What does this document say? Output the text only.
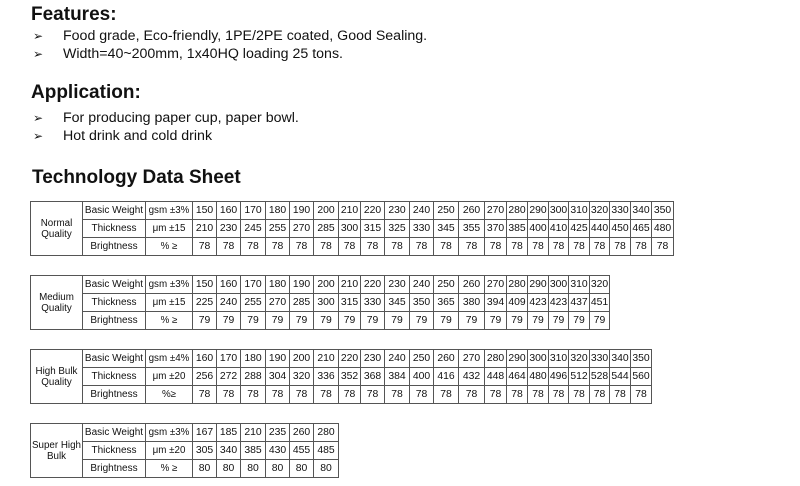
Features:
➢	Food grade, Eco-friendly, 1PE/2PE coated, Good Sealing.
➢	Width=40~200mm, 1x40HQ loading 25 tons.
Application:
➢	For producing paper cup, paper bowl.
➢	Hot drink and cold drink
Technology Data Sheet
Normal Quality	Basic Weight	gsm ±3%	150	160	170	180	190	200	210	220	230	240	250	260	270	280	290	300	310	320	330	340	350
	Thickness	μm ±15	210	230	245	255	270	285	300	315	325	330	345	355	370	385	400	410	425	440	450	465	480
	Brightness	% ≥	78	78	78	78	78	78	78	78	78	78	78	78	78	78	78	78	78	78	78	78	78
Medium Quality	Basic Weight	gsm ±3%	150	160	170	180	190	200	210	220	230	240	250	260	270	280	290	300	310	320
	Thickness	μm ±15	225	240	255	270	285	300	315	330	345	350	365	380	394	409	423	423	437	451
	Brightness	% ≥	79	79	79	79	79	79	79	79	79	79	79	79	79	79	79	79	79	79
High Bulk Quality	Basic Weight	gsm ±4%	160	170	180	190	200	210	220	230	240	250	260	270	280	290	300	310	320	330	340	350
	Thickness	μm ±20	256	272	288	304	320	336	352	368	384	400	416	432	448	464	480	496	512	528	544	560
	Brightness	%≥	78	78	78	78	78	78	78	78	78	78	78	78	78	78	78	78	78	78	78	78
Super High Bulk	Basic Weight	gsm ±3%	167	185	210	235	260	280
	Thickness	μm ±20	305	340	385	430	455	485
	Brightness	% ≥	80	80	80	80	80	80
